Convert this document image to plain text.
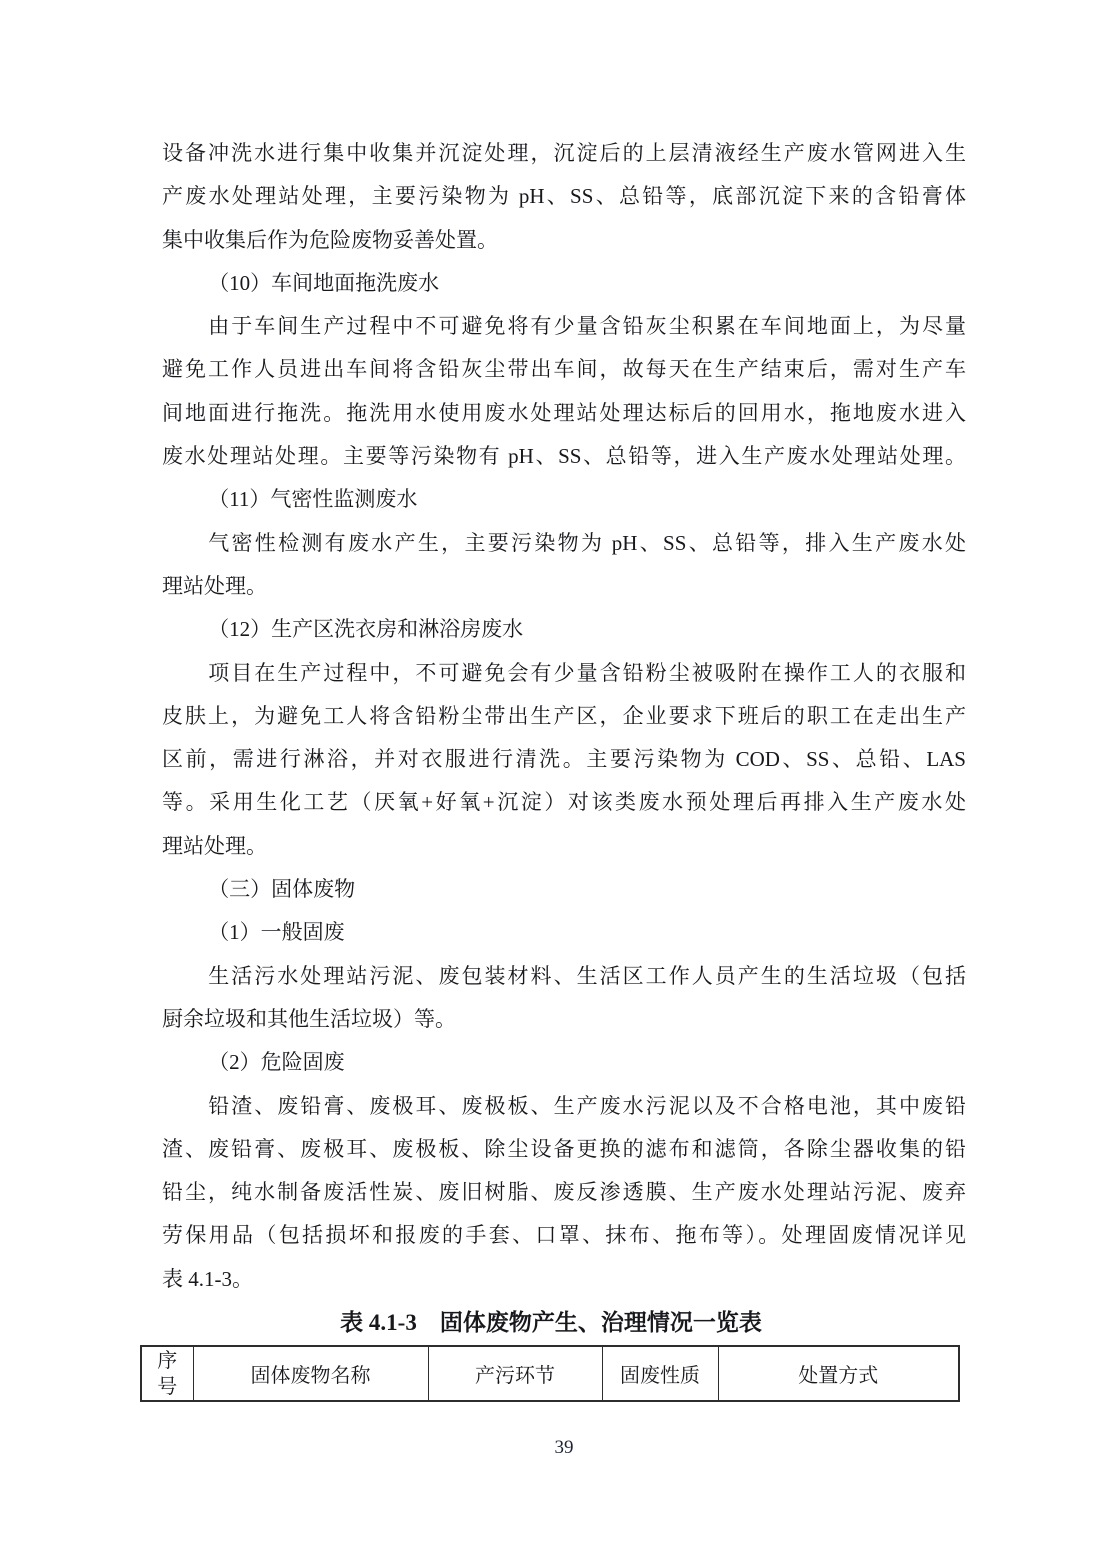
设备冲洗水进行集中收集并沉淀处理，沉淀后的上层清液经生产废水管网进入生
产废水处理站处理，主要污染物为 pH、SS、总铅等，底部沉淀下来的含铅膏体
集中收集后作为危险废物妥善处置。
（10）车间地面拖洗废水
由于车间生产过程中不可避免将有少量含铅灰尘积累在车间地面上，为尽量
避免工作人员进出车间将含铅灰尘带出车间，故每天在生产结束后，需对生产车
间地面进行拖洗。拖洗用水使用废水处理站处理达标后的回用水，拖地废水进入
废水处理站处理。主要等污染物有 pH、SS、总铅等，进入生产废水处理站处理。
（11）气密性监测废水
气密性检测有废水产生，主要污染物为 pH、SS、总铅等，排入生产废水处
理站处理。
（12）生产区洗衣房和淋浴房废水
项目在生产过程中，不可避免会有少量含铅粉尘被吸附在操作工人的衣服和
皮肤上，为避免工人将含铅粉尘带出生产区，企业要求下班后的职工在走出生产
区前，需进行淋浴，并对衣服进行清洗。主要污染物为 COD、SS、总铅、LAS
等。采用生化工艺（厌氧+好氧+沉淀）对该类废水预处理后再排入生产废水处
理站处理。
（三）固体废物
（1）一般固废
生活污水处理站污泥、废包装材料、生活区工作人员产生的生活垃圾（包括
厨余垃圾和其他生活垃圾）等。
（2）危险固废
铅渣、废铅膏、废极耳、废极板、生产废水污泥以及不合格电池，其中废铅
渣、废铅膏、废极耳、废极板、除尘设备更换的滤布和滤筒，各除尘器收集的铅
铅尘，纯水制备废活性炭、废旧树脂、废反渗透膜、生产废水处理站污泥、废弃
劳保用品（包括损坏和报废的手套、口罩、抹布、拖布等）。处理固废情况详见
表 4.1-3。
表 4.1-3　固体废物产生、治理情况一览表
序号	固体废物名称	产污环节	固废性质	处置方式
39
